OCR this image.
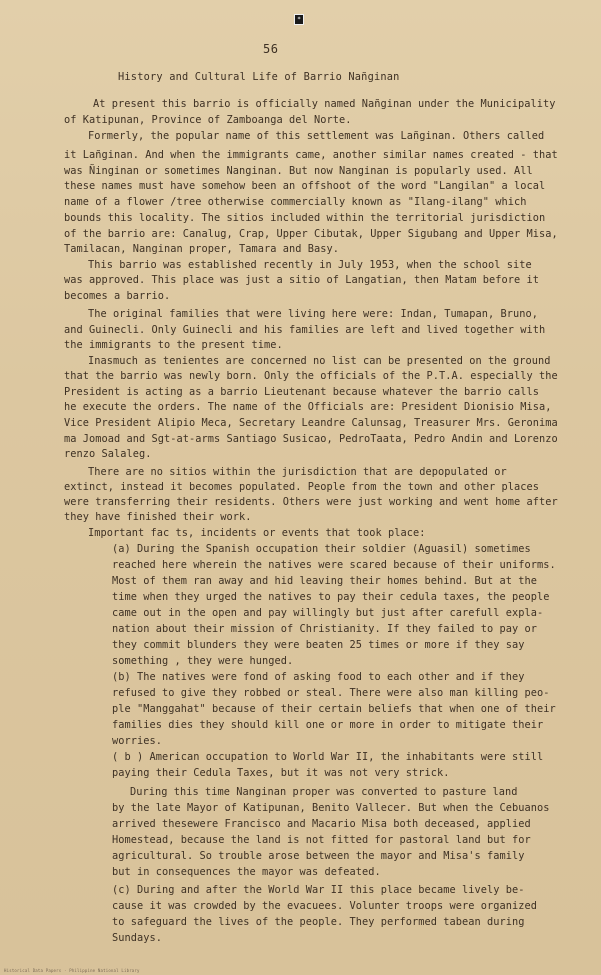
*
56
History and Cultural Life of Barrio Nañginan
At present this barrio is officially named Nañginan under the Municipality
of Katipunan, Province of Zamboanga del Norte.
Formerly, the popular name of this settlement was Lañginan. Others called
it Lañginan. And when the immigrants came, another similar names created - that
was Ñinginan or sometimes Nanginan. But now Nanginan is popularly used. All
these names must have somehow been an offshoot of the word "Langilan" a local
name of a flower /tree otherwise commercially known as "Ilang-ilang" which
bounds this locality. The sitios included within the territorial jurisdiction
of the barrio are: Canalug, Crap, Upper Cibutak, Upper Sigubang and Upper Misa,
Tamilacan, Nanginan proper, Tamara and Basy.
This barrio was established recently in July 1953, when the school site
was approved. This place was just a sitio of Langatian, then Matam before it
becomes a barrio.
The original families that were living here were: Indan, Tumapan, Bruno,
and Guinecli. Only Guinecli and his families are left and lived together with
the immigrants to the present time.
Inasmuch as tenientes are concerned no list can be presented on the ground
that the barrio was newly born. Only the officials of the P.T.A. especially the
President is acting as a barrio Lieutenant because whatever the barrio calls
he execute the orders. The name of the Officials are: President Dionisio Misa,
Vice President Alipio Meca, Secretary Leandre Calunsag, Treasurer Mrs. Geronima
ma Jomoad and Sgt-at-arms Santiago Susicao, PedroTaata, Pedro Andin and Lorenzo
renzo Salaleg.
There are no sitios within the jurisdiction that are depopulated or
extinct, instead it becomes populated. People from the town and other places
were transferring their residents. Others were just working and went home after
they have finished their work.
Important fac ts, incidents or events that took place:
(a) During the Spanish occupation their soldier (Aguasil) sometimes
reached here wherein the natives were scared because of their uniforms.
Most of them ran away and hid leaving their homes behind. But at the
time when they urged the natives to pay their cedula taxes, the people
came out in the open and pay willingly but just after carefull expla-
nation about their mission of Christianity. If they failed to pay or
they commit blunders they were beaten 25 times or more if they say
something , they were hunged.
(b) The natives were fond of asking food to each other and if they
refused to give they robbed or steal. There were also man killing peo-
ple "Manggahat" because of their certain beliefs that when one of their
families dies they should kill one or more in order to mitigate their
worries.
( b ) American occupation to World War II, the inhabitants were still
paying their Cedula Taxes, but it was not very strick.
During this time Nanginan proper was converted to pasture land
by the late Mayor of Katipunan, Benito Vallecer. But when the Cebuanos
arrived thesewere Francisco and Macario Misa both deceased, applied
Homestead, because the land is not fitted for pastoral land but for
agricultural. So trouble arose between the mayor and Misa's family
but in consequences the mayor was defeated.
(c) During and after the World War II this place became lively be-
cause it was crowded by the evacuees. Volunter troops were organized
to safeguard the lives of the people. They performed tabean during
Sundays.
Historical Data Papers · Philippine National Library
